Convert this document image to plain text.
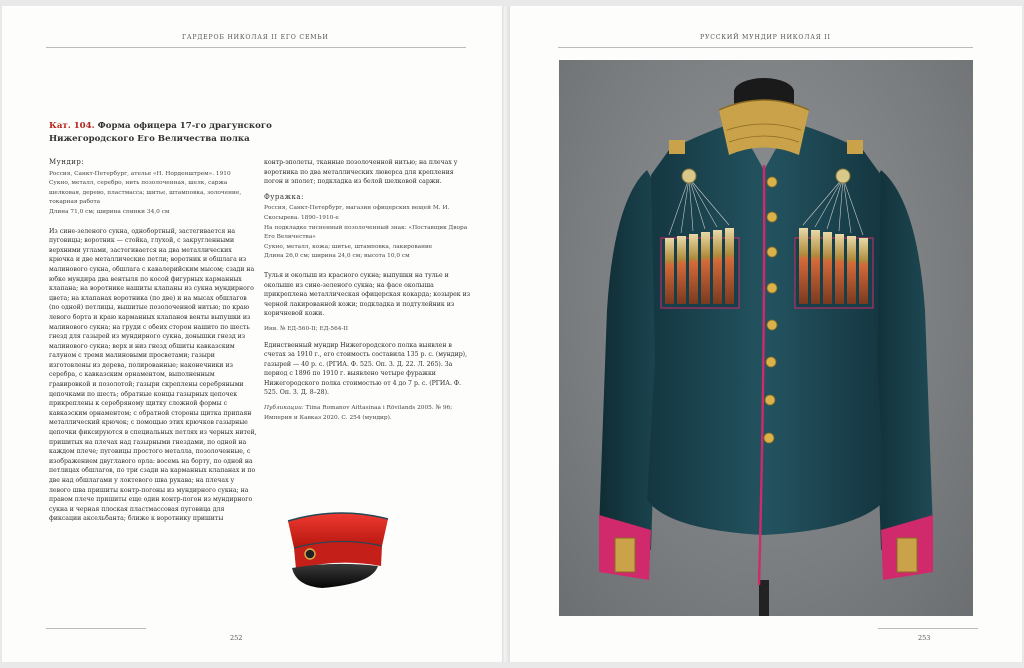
ГАРДЕРОБ НИКОЛАЯ II ЕГО СЕМЬИ
Кат. 104. Форма офицера 17-го драгунского Нижегородского Его Величества полка
Мундир:
Россия, Санкт-Петербург, ателье «Н. Норденштрем». 1910
Сукно, металл, серебро, нить позолоченная, шелк, саржа шелковая, дерево, пластмасса; шитье, штамповка, золочение, токарная работа
Длина 71,0 см; ширина спинки 34,0 см

Из сине-зеленого сукна, однобортный, застегивается на пуговицы; воротник — стойка, глухой, с закругленными верхними углами, застегивается на два металлических крючка и две металлические петли; воротник и обшлага из малинового сукна, обшлага с кавалерийским мысом; сзади на юбке мундира два вентыля по косой фигурных карманных клапана; на воротнике нашиты клапаны из сукна мундирного цвета; на клапанах воротника (по две) и на мысах обшлагов (по одной) петлицы, вышитые позолоченной нитью; по краю левого борта и краю карманных клапанов венты выпушки из малинового сукна; на груди с обеих сторон нашито по шесть гнезд для газырей из мундирного сукна, донышки гнезд из малинового сукна; верх и низ гнезд обшиты кавказским галуном с тремя малиновыми просветами; газыри изготовлены из дерева, полированные; наконечники из серебра, с кавказским орнаментом, выполненным гравировкой и позолотой; газыри скреплены серебряными цепочками по шесть; обратные концы газырных цепочек прикреплены к серебряному щитку сложной формы с кавказским орнаментом; с обратной стороны щитка припаян металлический крючок; с помощью этих крючков газырные цепочки фиксируются в специальных петлях из черных нитей, пришитых на плечах над газырными гнездами, по одной на каждом плече; пуговицы простого металла, позолоченные, с изображением двуглавого орла: восемь на борту, по одной на петлицах обшлагов, по три сзади на карманных клапанах и по две над обшлагами у локтевого шва рукава; на плечах у левого шва пришиты контр-погоны из мундирного сукна; на правом плече пришиты еще один контр-погон из мундирного сукна и черная плоская пластмассовая пуговица для фиксации аксельбанта; ближе к воротнику пришиты

контр-эполеты, тканные позолоченной нитью; на плечах у воротника по два металлических люверса для крепления погон и эполет; подкладка из белой шелковой саржи.

Фуражка:
Россия, Санкт-Петербург, магазин офицерских вещей М. И. Скосырева. 1890–1910-е
На подкладке тисненный позолоченный знак: «Поставщик Двора Его Величества»
Сукно, металл, кожа; шитье, штамповка, лакирование
Длина 26,0 см; ширина 24,0 см; высота 10,0 см

Тулья и околыш из красного сукна; выпушки на тулье и околыше из сине-зеленого сукна; на фасе околыша прикреплена металлическая офицерская кокарда; козырек из черной лакированной кожи; подкладка и подтулейник из коричневой кожи.

Инв. № ЕД-560-II; ЕД-564-II

Единственный мундир Нижегородского полка выявлен в счетах за 1910 г., его стоимость составила 135 р. с. (мундир), газырей — 40 р. с. (РГИА. Ф. 525. Оп. 3. Д. 22. Л. 265). За период с 1896 по 1910 г. выявлено четыре фуражки Нижегородского полка стоимостью от 4 до 7 р. с. (РГИА. Ф. 525. Оп. 3. Д. 8–28).

Публикации: Tiina Romanov Aittasinaa i Rövilands 2005. № 96; Империя и Кавказ 2020. С. 254 (мундир).

252
РУССКИЙ МУНДИР НИКОЛАЯ II
253
